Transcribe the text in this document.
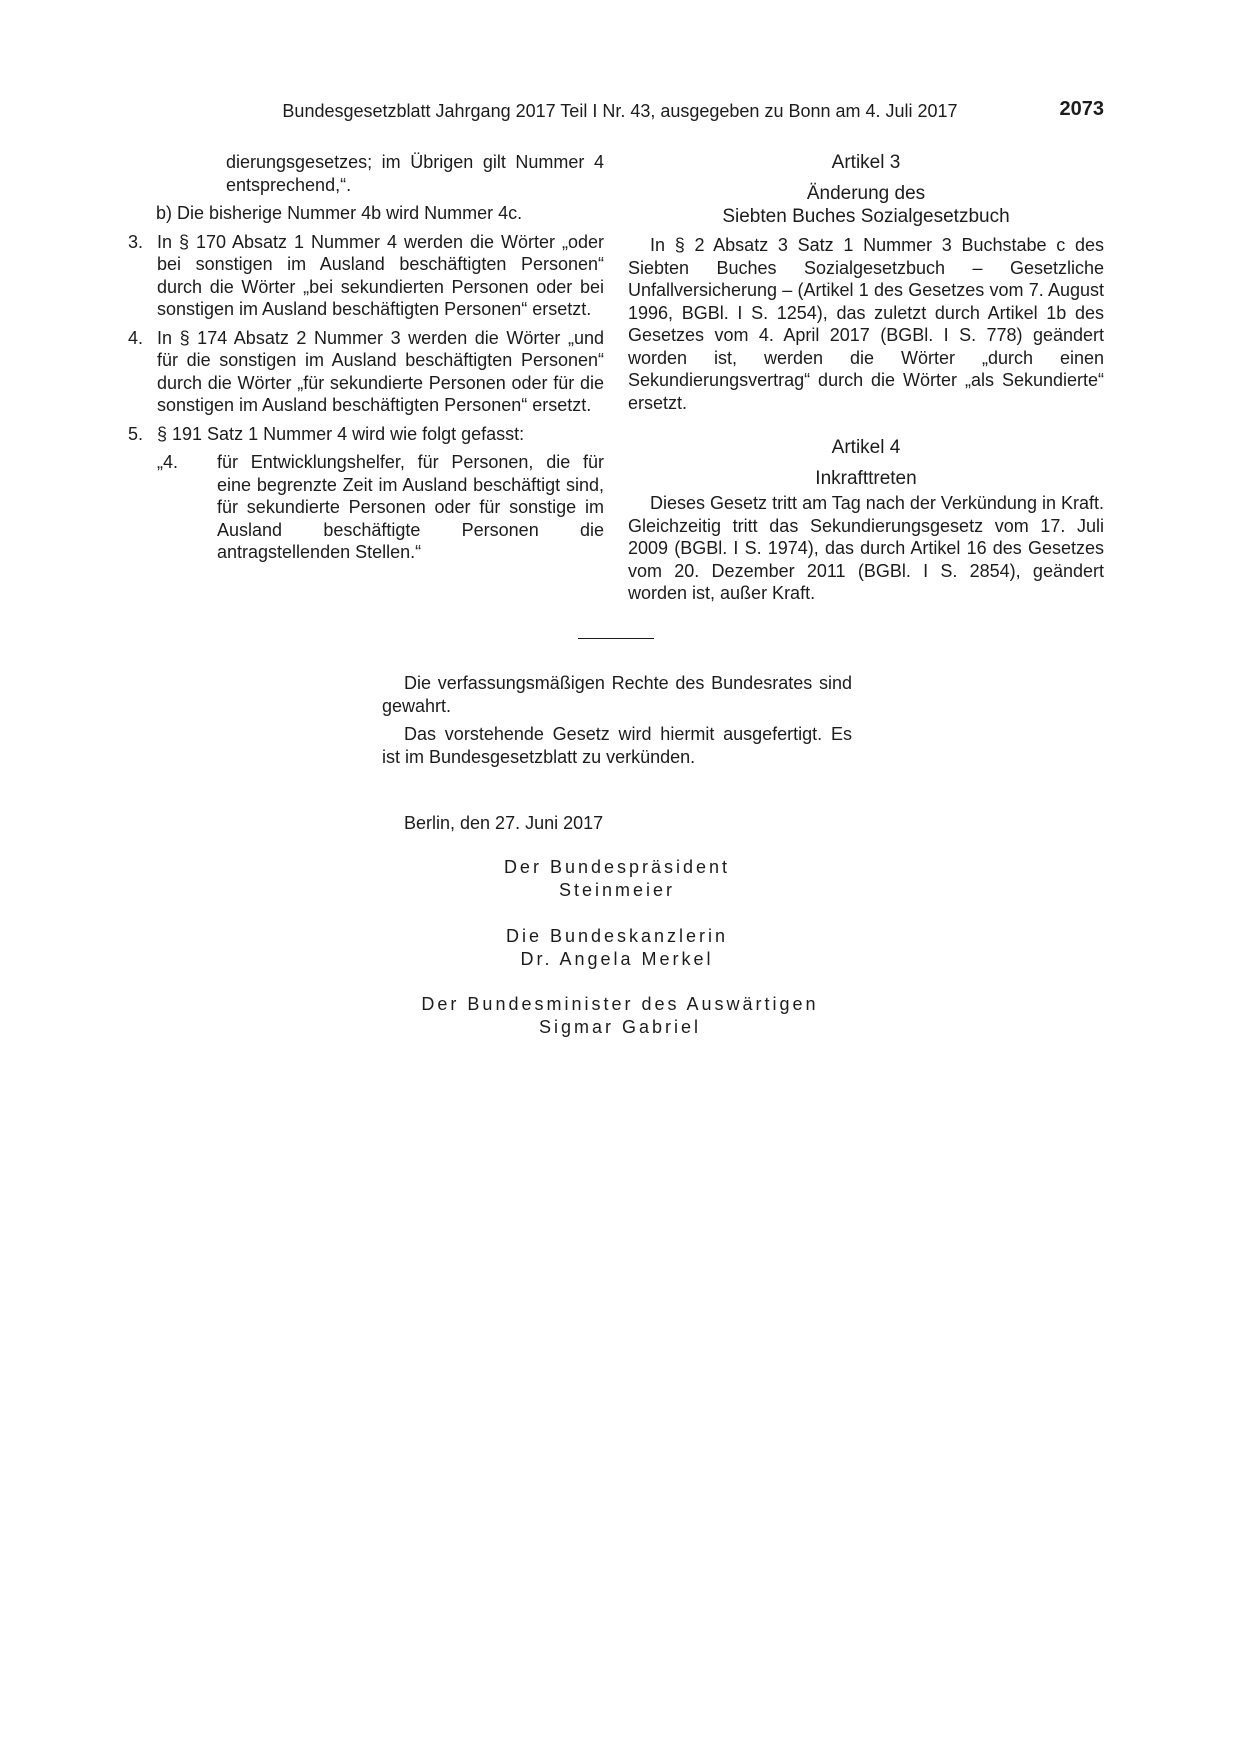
Bundesgesetzblatt Jahrgang 2017 Teil I Nr. 43, ausgegeben zu Bonn am 4. Juli 2017	2073

dierungsgesetzes; im Übrigen gilt Nummer 4 entsprechend,“.

b) Die bisherige Nummer 4b wird Nummer 4c.

3. In § 170 Absatz 1 Nummer 4 werden die Wörter „oder bei sonstigen im Ausland beschäftigten Personen“ durch die Wörter „bei sekundierten Personen oder bei sonstigen im Ausland beschäftigten Personen“ ersetzt.
4. In § 174 Absatz 2 Nummer 3 werden die Wörter „und für die sonstigen im Ausland beschäftigten Personen“ durch die Wörter „für sekundierte Personen oder für die sonstigen im Ausland beschäftigten Personen“ ersetzt.
5. § 191 Satz 1 Nummer 4 wird wie folgt gefasst:
„4. für Entwicklungshelfer, für Personen, die für eine begrenzte Zeit im Ausland beschäftigt sind, für sekundierte Personen oder für sonstige im Ausland beschäftigte Personen die antragstellenden Stellen.“

Artikel 3

Änderung des

Siebten Buches Sozialgesetzbuch

In § 2 Absatz 3 Satz 1 Nummer 3 Buchstabe c des Siebten Buches Sozialgesetzbuch – Gesetzliche Unfallversicherung – (Artikel 1 des Gesetzes vom 7. August 1996, BGBl. I S. 1254), das zuletzt durch Artikel 1b des Gesetzes vom 4. April 2017 (BGBl. I S. 778) geändert worden ist, werden die Wörter „durch einen Sekundierungsvertrag“ durch die Wörter „als Sekundierte“ ersetzt.

Artikel 4

Inkrafttreten

Dieses Gesetz tritt am Tag nach der Verkündung in Kraft. Gleichzeitig tritt das Sekundierungsgesetz vom 17. Juli 2009 (BGBl. I S. 1974), das durch Artikel 16 des Gesetzes vom 20. Dezember 2011 (BGBl. I S. 2854), geändert worden ist, außer Kraft.

Die verfassungsmäßigen Rechte des Bundesrates sind gewahrt.

Das vorstehende Gesetz wird hiermit ausgefertigt. Es ist im Bundesgesetzblatt zu verkünden.

Berlin, den 27. Juni 2017
Der Bundespräsident
Steinmeier
Die Bundeskanzlerin
Dr. Angela Merkel
Der Bundesminister des Auswärtigen
Sigmar Gabriel
